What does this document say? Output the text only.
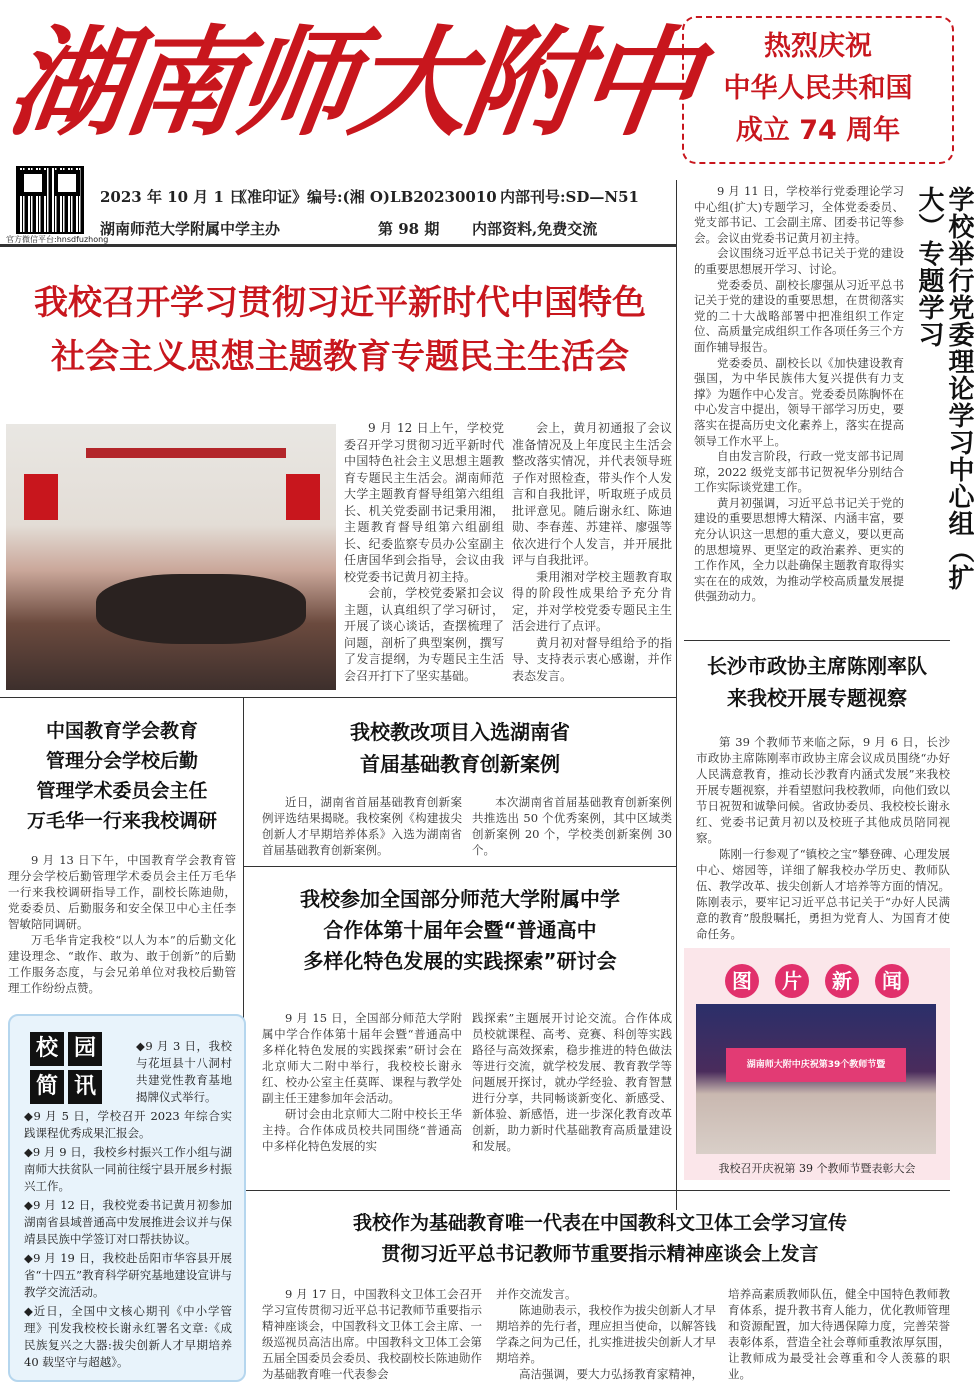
湖南师大附中	热烈庆祝
中华人民共和国
成立 74 周年
官方微信平台:hnsdfuzhong
2023 年 10 月 1 日
《准印证》编号:(湘 O)LB20230010 内部刊号:SD—N51
湖南师范大学附属中学主办	第 98 期 内部资料,免费交流
我校召开学习贯彻习近平新时代中国特色
社会主义思想主题教育专题民主生活会

9 月 12 日上午，学校党委召开学习贯彻习近平新时代中国特色社会主义思想主题教育专题民主生活会。湖南师范大学主题教育督导组第六组组长、机关党委副书记秉用湘，主题教育督导组第六组副组长、纪委监察专员办公室副主任唐国华到会指导，会议由我校党委书记黄月初主持。

会前，学校党委紧扣会议主题，认真组织了学习研讨，开展了谈心谈话，查摆梳理了问题，剖析了典型案例，撰写了发言提纲，为专题民主生活会召开打下了坚实基础。

会上，黄月初通报了会议准备情况及上年度民主生活会整改落实情况，并代表领导班子作对照检查，带头作个人发言和自我批评，听取班子成员批评意见。随后谢永红、陈迪勋、李春莲、苏建祥、廖强等依次进行个人发言，并开展批评与自我批评。

秉用湘对学校主题教育取得的阶段性成果给予充分肯定，并对学校党委专题民主生活会进行了点评。

黄月初对督导组给予的指导、支持表示衷心感谢，并作表态发言。

9 月 11 日，学校举行党委理论学习中心组(扩大)专题学习，全体党委委员、党支部书记、工会副主席、团委书记等参会。会议由党委书记黄月初主持。

会议围绕习近平总书记关于党的建设的重要思想展开学习、讨论。

党委委员、副校长廖强从习近平总书记关于党的建设的重要思想，在贯彻落实党的二十大战略部署中把准组织工作定位、高质量完成组织工作各项任务三个方面作辅导报告。

党委委员、副校长以《加快建设教育强国，为中华民族伟大复兴提供有力支撑》为题作中心发言。党委委员陈胸怀在中心发言中提出，领导干部学习历史，要落实在提高历史文化素养上，落实在提高领导工作水平上。

自由发言阶段，行政一党支部书记周琼，2022 级党支部书记贺祝华分别结合工作实际谈党建工作。

黄月初强调，习近平总书记关于党的建设的重要思想博大精深、内涵丰富，要充分认识这一思想的重大意义，要以更高的思想境界、更坚定的政治素养、更实的工作作风，全力以赴确保主题教育取得实实在在的成效，为推动学校高质量发展提供强劲动力。

学校举行党委理论学习中心组（扩大）专题学习
长沙市政协主席陈刚率队
来我校开展专题视察

第 39 个教师节来临之际，9 月 6 日，长沙市政协主席陈刚率市政协主席会议成员围绕“办好人民满意教育，推动长沙教育内涵式发展”来我校开展专题视察，并看望慰问我校教师，向他们致以节日祝贺和诚挚问候。省政协委员、我校校长谢永红、党委书记黄月初以及校班子其他成员陪同视察。

陈刚一行参观了“镇校之宝”攀登碑、心理发展中心、熔园等，详细了解我校办学历史、教师队伍、教学改革、拔尖创新人才培养等方面的情况。陈刚表示，要牢记习近平总书记关于“办好人民满意的教育”殷殷嘱托，勇担为党育人、为国育才使命任务。

图 片 新 闻
湖南师大附中庆祝第39个教师节暨
我校召开庆祝第 39 个教师节暨表彰大会
中国教育学会教育
管理分会学校后勤
管理学术委员会主任
万毛华一行来我校调研

9 月 13 日下午，中国教育学会教育管理分会学校后勤管理学术委员会主任万毛华一行来我校调研指导工作，副校长陈迪勋，党委委员、后勤服务和安全保卫中心主任李智敏陪同调研。

万毛华肯定我校“以人为本”的后勤文化建设理念、“敢作、敢为、敢于创新”的后勤工作服务态度，与会兄弟单位对我校后勤管理工作纷纷点赞。

我校教改项目入选湖南省
首届基础教育创新案例

近日，湖南省首届基础教育创新案例评选结果揭晓。我校案例《构建拔尖创新人才早期培养体系》入选为湖南省首届基础教育创新案例。

本次湖南省首届基础教育创新案例共推选出 50 个优秀案例，其中区域类创新案例 20 个，学校类创新案例 30 个。

我校参加全国部分师范大学附属中学
合作体第十届年会暨“普通高中
多样化特色发展的实践探索”研讨会

9 月 15 日，全国部分师范大学附属中学合作体第十届年会暨“普通高中多样化特色发展的实践探索”研讨会在北京师大二附中举行，我校校长谢永红、校办公室主任莫晖、课程与教学处副主任王建参加年会活动。

研讨会由北京师大二附中校长王华主持。合作体成员校共同围绕“普通高中多样化特色发展的实

践探索”主题展开讨论交流。合作体成员校就课程、高考、竞赛、科创等实践路径与高效探索，稳步推进的特色做法等进行交流，就学校发展、教育教学等问题展开探讨，就办学经验、教育智慧进行分享，共同畅谈新变化、新感受、新体验、新感悟，进一步深化教育改革创新，助力新时代基础教育高质量建设和发展。

校 园简 讯
◆9 月 3 日，我校与花垣县十八洞村共建党性教育基地揭牌仪式举行。
◆9 月 5 日，学校召开 2023 年综合实践课程优秀成果汇报会。
◆9 月 9 日，我校乡村振兴工作小组与湖南师大扶贫队一同前往绥宁县开展乡村振兴工作。
◆9 月 12 日，我校党委书记黄月初参加湖南省县域普通高中发展推进会议并与保靖县民族中学签订对口帮扶协议。
◆9 月 19 日，我校赴岳阳市华容县开展省“十四五”教育科学研究基地建设宣讲与教学交流活动。
◆近日，全国中文核心期刊《中小学管理》刊发我校校长谢永红署名文章:《成民族复兴之大器:拔尖创新人才早期培养 40 载坚守与超越》。
我校作为基础教育唯一代表在中国教科文卫体工会学习宣传
贯彻习近平总书记教师节重要指示精神座谈会上发言

9 月 17 日，中国教科文卫体工会召开学习宣传贯彻习近平总书记教师节重要指示精神座谈会，中国教科文卫体工会主席、一级巡视员高洁出席。中国教科文卫体工会第五届全国委员会委员、我校副校长陈迪勋作为基础教育唯一代表参会

并作交流发言。

陈迪勋表示，我校作为拔尖创新人才早期培养的先行者，理应担当使命，以解答钱学森之问为己任，扎实推进拔尖创新人才早期培养。

高洁强调，要大力弘扬教育家精神，

培养高素质教师队伍，健全中国特色教师教育体系，提升教书育人能力，优化教师管理和资源配置，加大待遇保障力度，完善荣誉表彰体系，营造全社会尊师重教浓厚氛围，让教师成为最受社会尊重和令人羡慕的职业。
